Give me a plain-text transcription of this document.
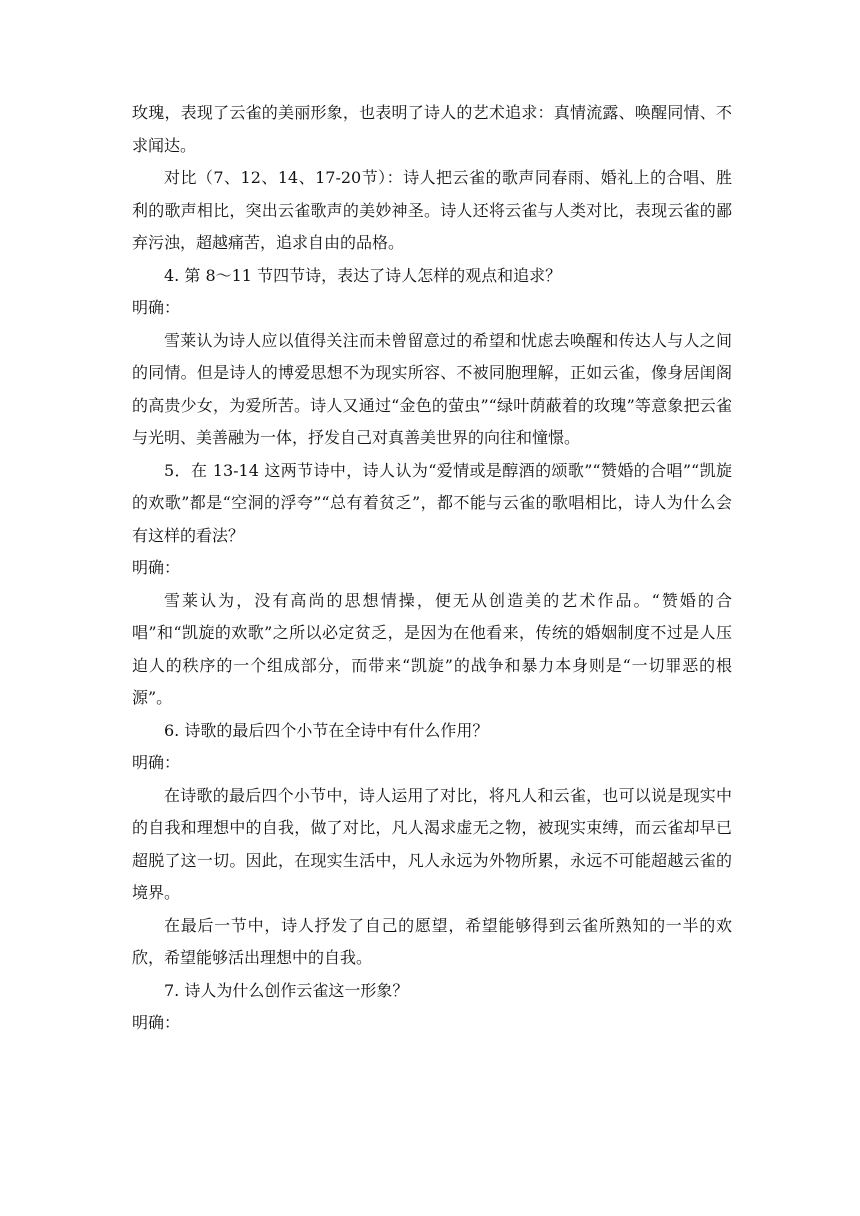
玫瑰，表现了云雀的美丽形象，也表明了诗人的艺术追求：真情流露、唤醒同情、不求闻达。

对比（7、12、14、17-20节）：诗人把云雀的歌声同春雨、婚礼上的合唱、胜利的歌声相比，突出云雀歌声的美妙神圣。诗人还将云雀与人类对比，表现云雀的鄙弃污浊，超越痛苦，追求自由的品格。

4. 第 8～11 节四节诗，表达了诗人怎样的观点和追求？

明确：

雪莱认为诗人应以值得关注而未曾留意过的希望和忧虑去唤醒和传达人与人之间的同情。但是诗人的博爱思想不为现实所容、不被同胞理解，正如云雀，像身居闺阁的高贵少女，为爱所苦。诗人又通过“金色的萤虫”“绿叶荫蔽着的玫瑰”等意象把云雀与光明、美善融为一体，抒发自己对真善美世界的向往和憧憬。

5．在 13-14 这两节诗中，诗人认为“爱情或是醇酒的颂歌”“赞婚的合唱”“凯旋的欢歌”都是“空洞的浮夸”“总有着贫乏”，都不能与云雀的歌唱相比，诗人为什么会有这样的看法？

明确：

雪莱认为，没有高尚的思想情操，便无从创造美的艺术作品。“赞婚的合唱”和“凯旋的欢歌”之所以必定贫乏，是因为在他看来，传统的婚姻制度不过是人压迫人的秩序的一个组成部分，而带来“凯旋”的战争和暴力本身则是“一切罪恶的根源”。

6. 诗歌的最后四个小节在全诗中有什么作用？

明确：

在诗歌的最后四个小节中，诗人运用了对比，将凡人和云雀，也可以说是现实中的自我和理想中的自我，做了对比，凡人渴求虚无之物，被现实束缚，而云雀却早已超脱了这一切。因此，在现实生活中，凡人永远为外物所累，永远不可能超越云雀的境界。

在最后一节中，诗人抒发了自己的愿望，希望能够得到云雀所熟知的一半的欢欣，希望能够活出理想中的自我。

7. 诗人为什么创作云雀这一形象？

明确：
